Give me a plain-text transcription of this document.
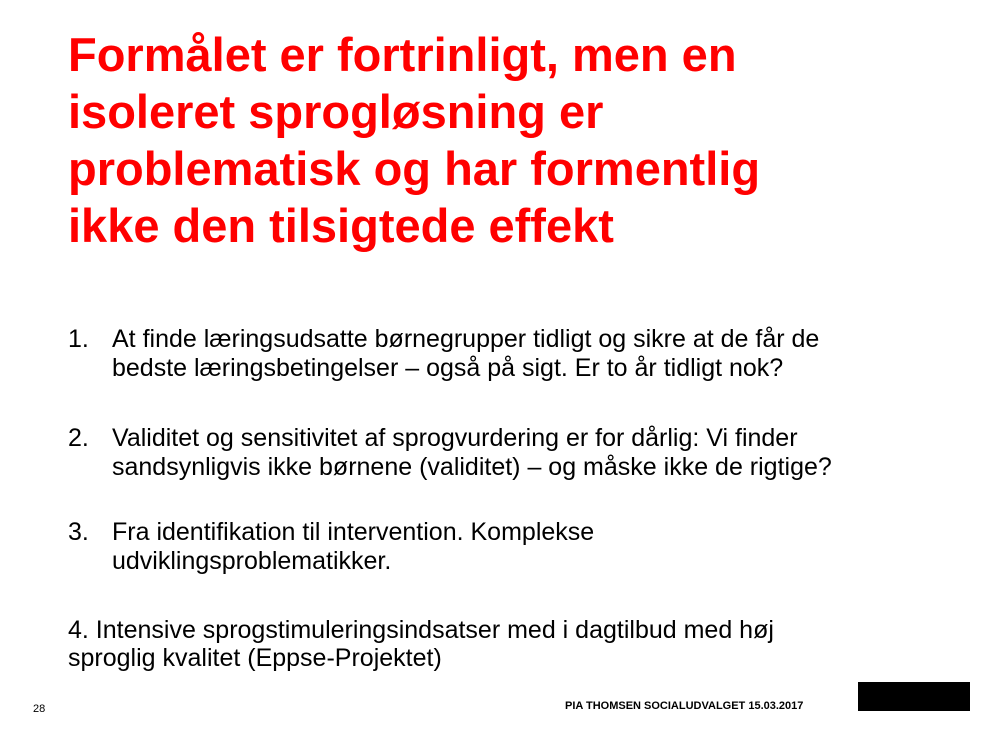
Formålet er fortrinligt, men en
isoleret sprogløsning er
problematisk og har formentlig
ikke den tilsigtede effekt
1. At finde læringsudsatte børnegrupper tidligt og sikre at de får de
bedste læringsbetingelser – også på sigt. Er to år tidligt nok?
2. Validitet og sensitivitet af sprogvurdering er for dårlig: Vi finder
sandsynligvis ikke børnene (validitet) – og måske ikke de rigtige?
3. Fra identifikation til intervention. Komplekse
udviklingsproblematikker.
4. Intensive sprogstimuleringsindsatser med i dagtilbud med høj
sproglig kvalitet (Eppse-Projektet)
28	PIA THOMSEN SOCIALUDVALGET 15.03.2017
